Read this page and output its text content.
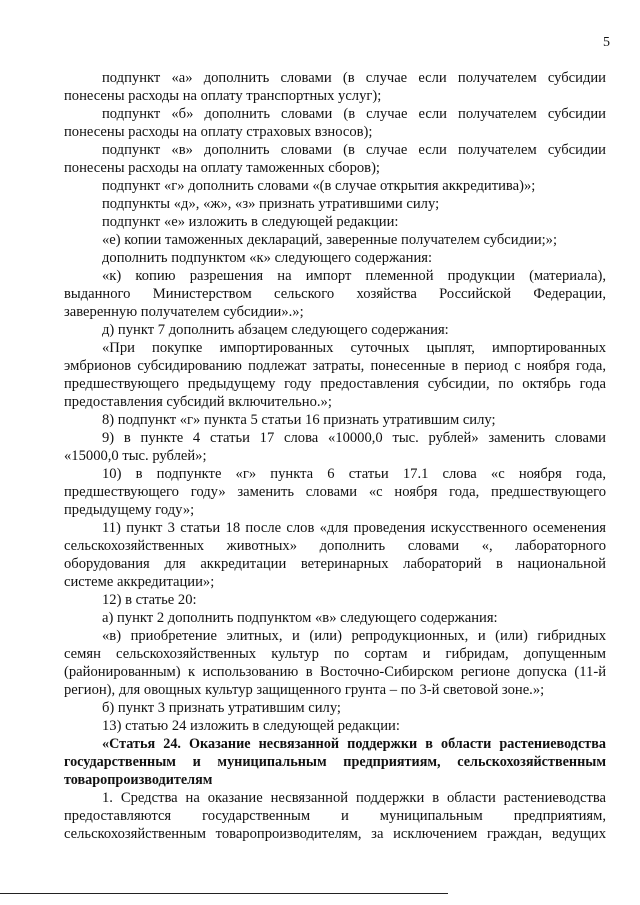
5
подпункт «а» дополнить словами (в случае если получателем субсидии
понесены расходы на оплату транспортных услуг);
подпункт «б» дополнить словами (в случае если получателем субсидии
понесены расходы на оплату страховых взносов);
подпункт «в» дополнить словами (в случае если получателем субсидии
понесены расходы на оплату таможенных сборов);
подпункт «г» дополнить словами «(в случае открытия аккредитива)»;
подпункты «д», «ж», «з» признать утратившими силу;
подпункт «е» изложить в следующей редакции:
«е) копии таможенных деклараций, заверенные получателем субсидии;»;
дополнить подпунктом «к» следующего содержания:
«к) копию разрешения на импорт племенной продукции (материала),
выданного Министерством сельского хозяйства Российской Федерации,
заверенную получателем субсидии».»;
д) пункт 7 дополнить абзацем следующего содержания:
«При покупке импортированных суточных цыплят, импортированных
эмбрионов субсидированию подлежат затраты, понесенные в период с ноября года,
предшествующего предыдущему году предоставления субсидии, по октябрь года
предоставления субсидий включительно.»;
8) подпункт «г» пункта 5 статьи 16 признать утратившим силу;
9) в пункте 4 статьи 17 слова «10000,0 тыс. рублей» заменить словами
«15000,0 тыс. рублей»;
10) в подпункте «г» пункта 6 статьи 17.1 слова «с ноября года,
предшествующего году» заменить словами «с ноября года, предшествующего
предыдущему году»;
11) пункт 3 статьи 18 после слов «для проведения искусственного осеменения
сельскохозяйственных животных» дополнить словами «, лабораторного
оборудования для аккредитации ветеринарных лабораторий в национальной
системе аккредитации»;
12) в статье 20:
а) пункт 2 дополнить подпунктом «в» следующего содержания:
«в) приобретение элитных, и (или) репродукционных, и (или) гибридных
семян сельскохозяйственных культур по сортам и гибридам, допущенным
(районированным) к использованию в Восточно-Сибирском регионе допуска (11-й
регион), для овощных культур защищенного грунта – по 3-й световой зоне.»;
б) пункт 3 признать утратившим силу;
13) статью 24 изложить в следующей редакции:
«Статья 24. Оказание несвязанной поддержки в области растениеводства
государственным и муниципальным предприятиям, сельскохозяйственным
товаропроизводителям
1. Средства на оказание несвязанной поддержки в области растениеводства
предоставляются государственным и муниципальным предприятиям,
сельскохозяйственным товаропроизводителям, за исключением граждан, ведущих
